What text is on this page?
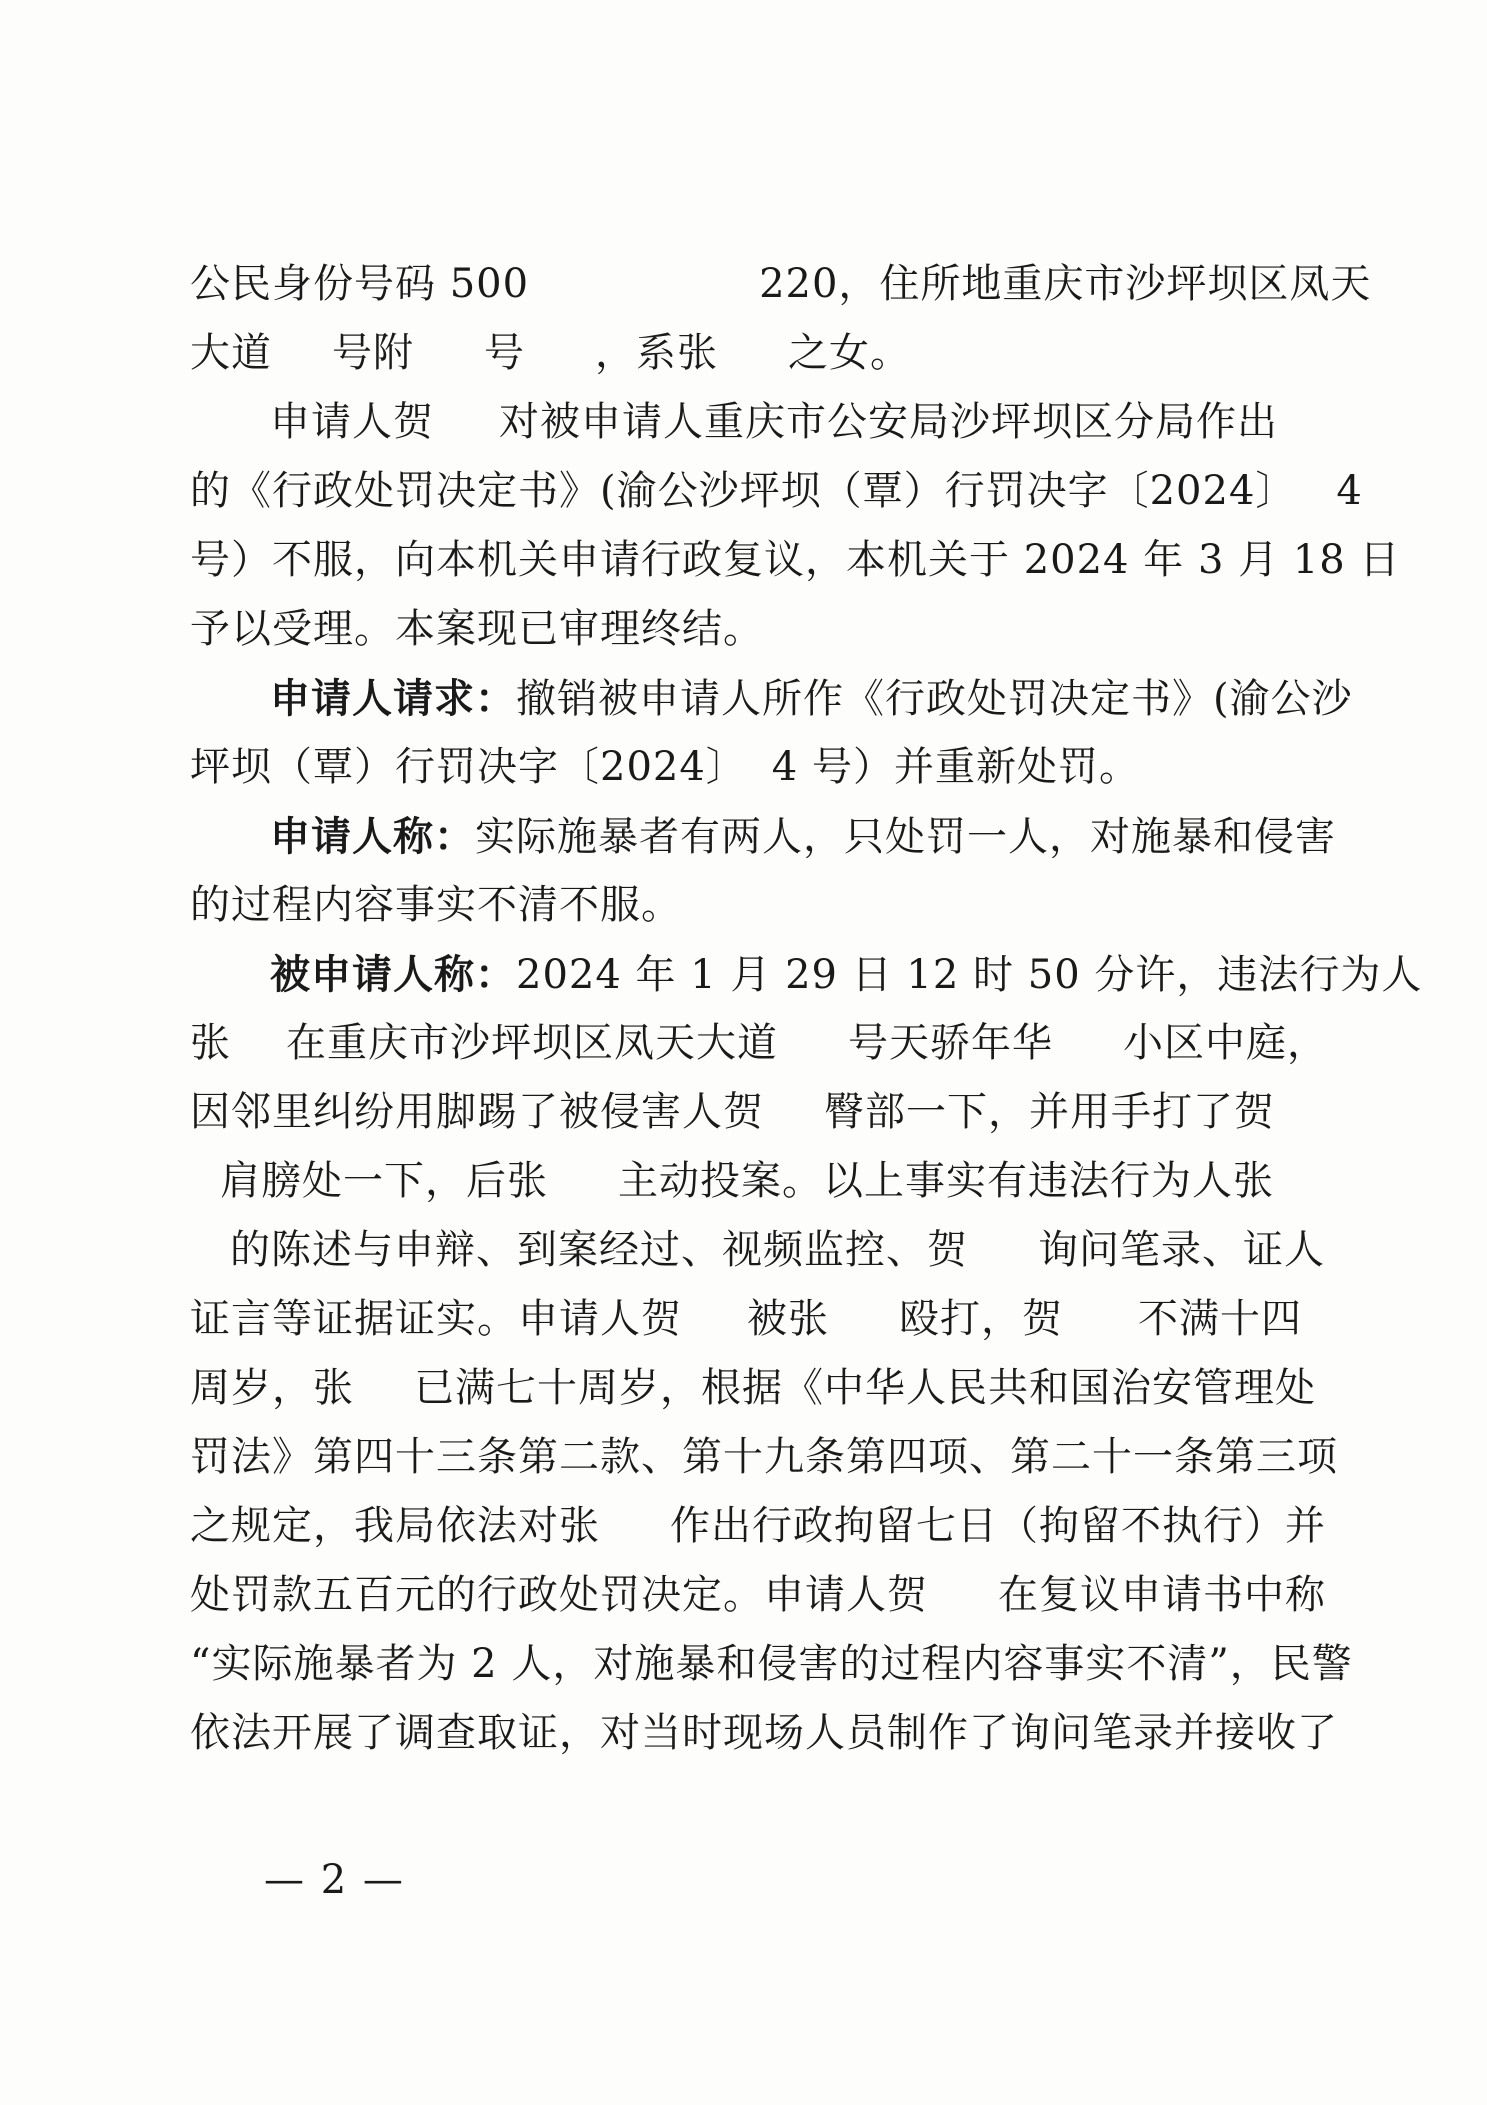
公民身份号码 500	220，住所地重庆市沙坪坝区凤天
大道 号附 号 ，系张 之女。
申请人贺 对被申请人重庆市公安局沙坪坝区分局作出
的《行政处罚决定书》(渝公沙坪坝（覃）行罚决字〔2024〕 4
号）不服，向本机关申请行政复议，本机关于 2024 年 3 月 18 日
予以受理。本案现已审理终结。
申请人请求：撤销被申请人所作《行政处罚决定书》(渝公沙
坪坝（覃）行罚决字〔2024〕 4 号）并重新处罚。
申请人称：实际施暴者有两人，只处罚一人，对施暴和侵害
的过程内容事实不清不服。
被申请人称：2024 年 1 月 29 日 12 时 50 分许，违法行为人
张 在重庆市沙坪坝区凤天大道 号天骄年华 小区中庭，
因邻里纠纷用脚踢了被侵害人贺 臀部一下，并用手打了贺
肩膀处一下，后张 主动投案。以上事实有违法行为人张
的陈述与申辩、到案经过、视频监控、贺 询问笔录、证人
证言等证据证实。申请人贺 被张 殴打，贺 不满十四
周岁，张 已满七十周岁，根据《中华人民共和国治安管理处
罚法》第四十三条第二款、第十九条第四项、第二十一条第三项
之规定，我局依法对张 作出行政拘留七日（拘留不执行）并
处罚款五百元的行政处罚决定。申请人贺 在复议申请书中称
“实际施暴者为 2 人，对施暴和侵害的过程内容事实不清”，民警
依法开展了调查取证，对当时现场人员制作了询问笔录并接收了
— 2 —
